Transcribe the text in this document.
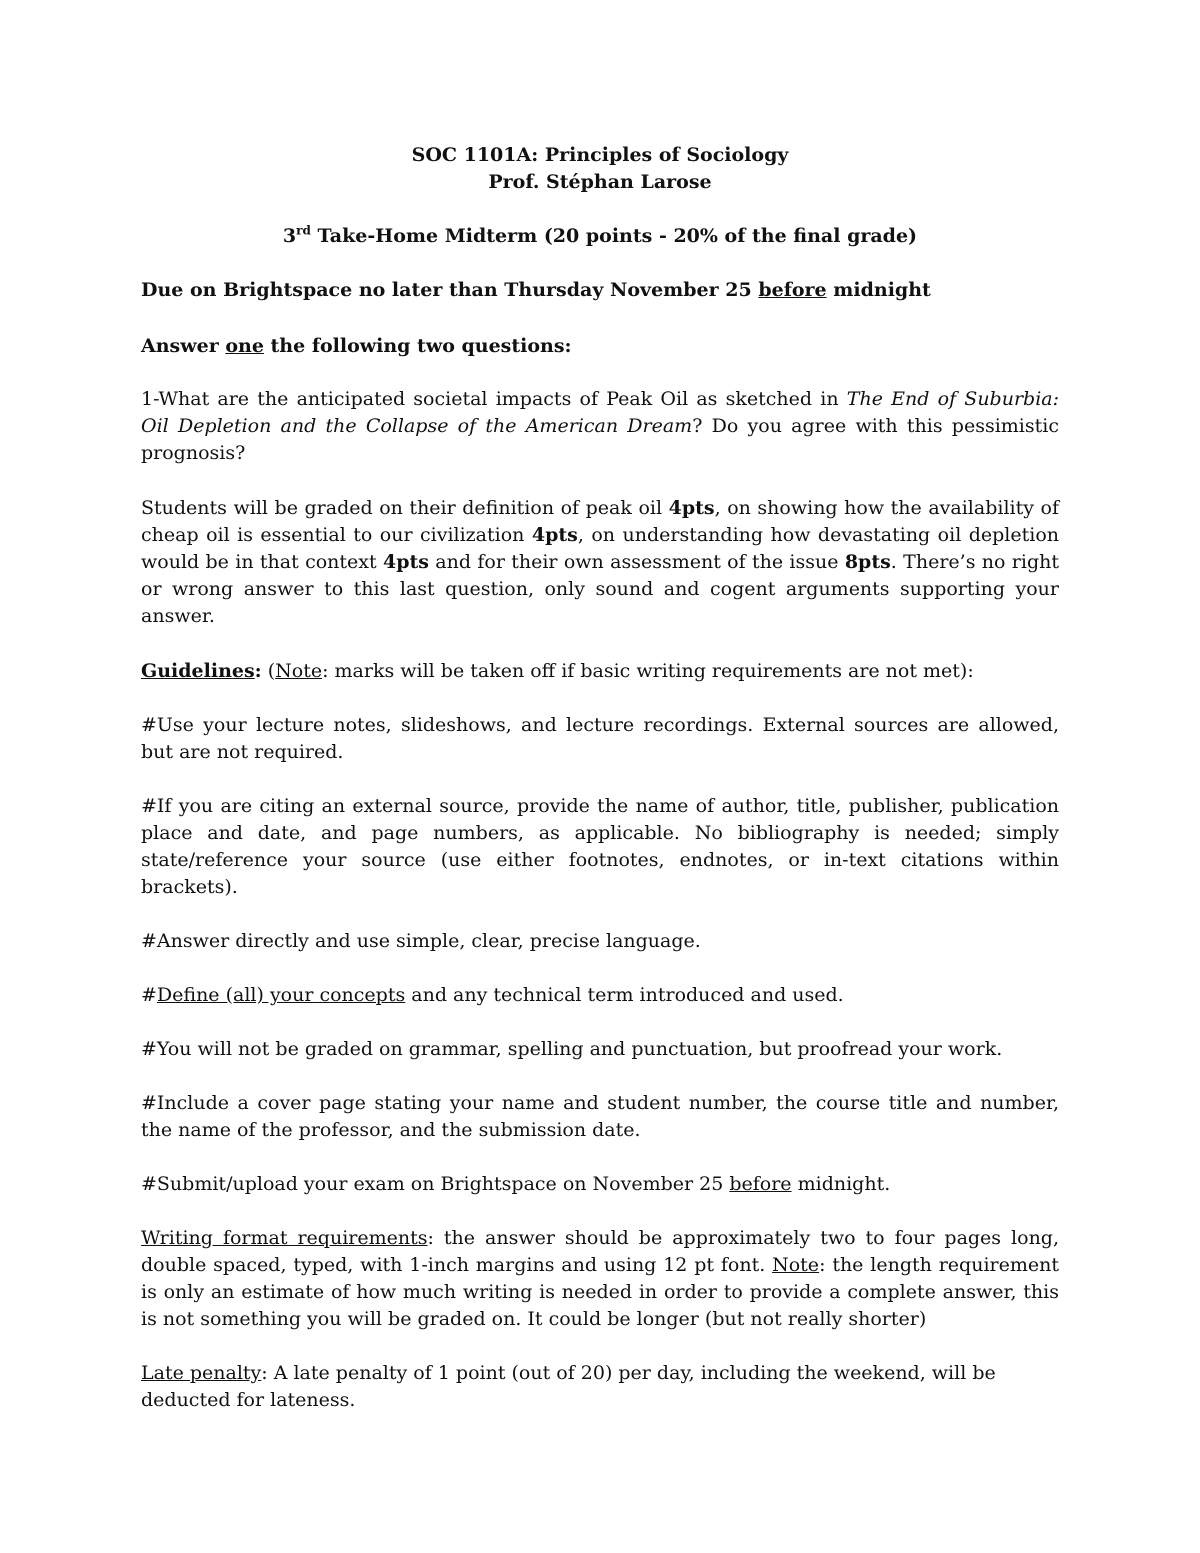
SOC 1101A: Principles of Sociology
Prof. Stéphan Larose

3rd Take-Home Midterm (20 points - 20% of the final grade)

Due on Brightspace no later than Thursday November 25 before midnight

Answer one the following two questions:

1-What are the anticipated societal impacts of Peak Oil as sketched in The End of Suburbia: Oil Depletion and the Collapse of the American Dream? Do you agree with this pessimistic prognosis?

Students will be graded on their definition of peak oil 4pts, on showing how the availability of cheap oil is essential to our civilization 4pts, on understanding how devastating oil depletion would be in that context 4pts and for their own assessment of the issue 8pts. There’s no right or wrong answer to this last question, only sound and cogent arguments supporting your answer.

Guidelines: (Note: marks will be taken off if basic writing requirements are not met):

#Use your lecture notes, slideshows, and lecture recordings. External sources are allowed, but are not required.

#If you are citing an external source, provide the name of author, title, publisher, publication place and date, and page numbers, as applicable. No bibliography is needed; simply state/reference your source (use either footnotes, endnotes, or in-text citations within brackets).

#Answer directly and use simple, clear, precise language.

#Define (all) your concepts and any technical term introduced and used.

#You will not be graded on grammar, spelling and punctuation, but proofread your work.

#Include a cover page stating your name and student number, the course title and number, the name of the professor, and the submission date.

#Submit/upload your exam on Brightspace on November 25 before midnight.

Writing format requirements: the answer should be approximately two to four pages long, double spaced, typed, with 1-inch margins and using 12 pt font. Note: the length requirement is only an estimate of how much writing is needed in order to provide a complete answer, this is not something you will be graded on. It could be longer (but not really shorter)

Late penalty: A late penalty of 1 point (out of 20) per day, including the weekend, will be deducted for lateness.
